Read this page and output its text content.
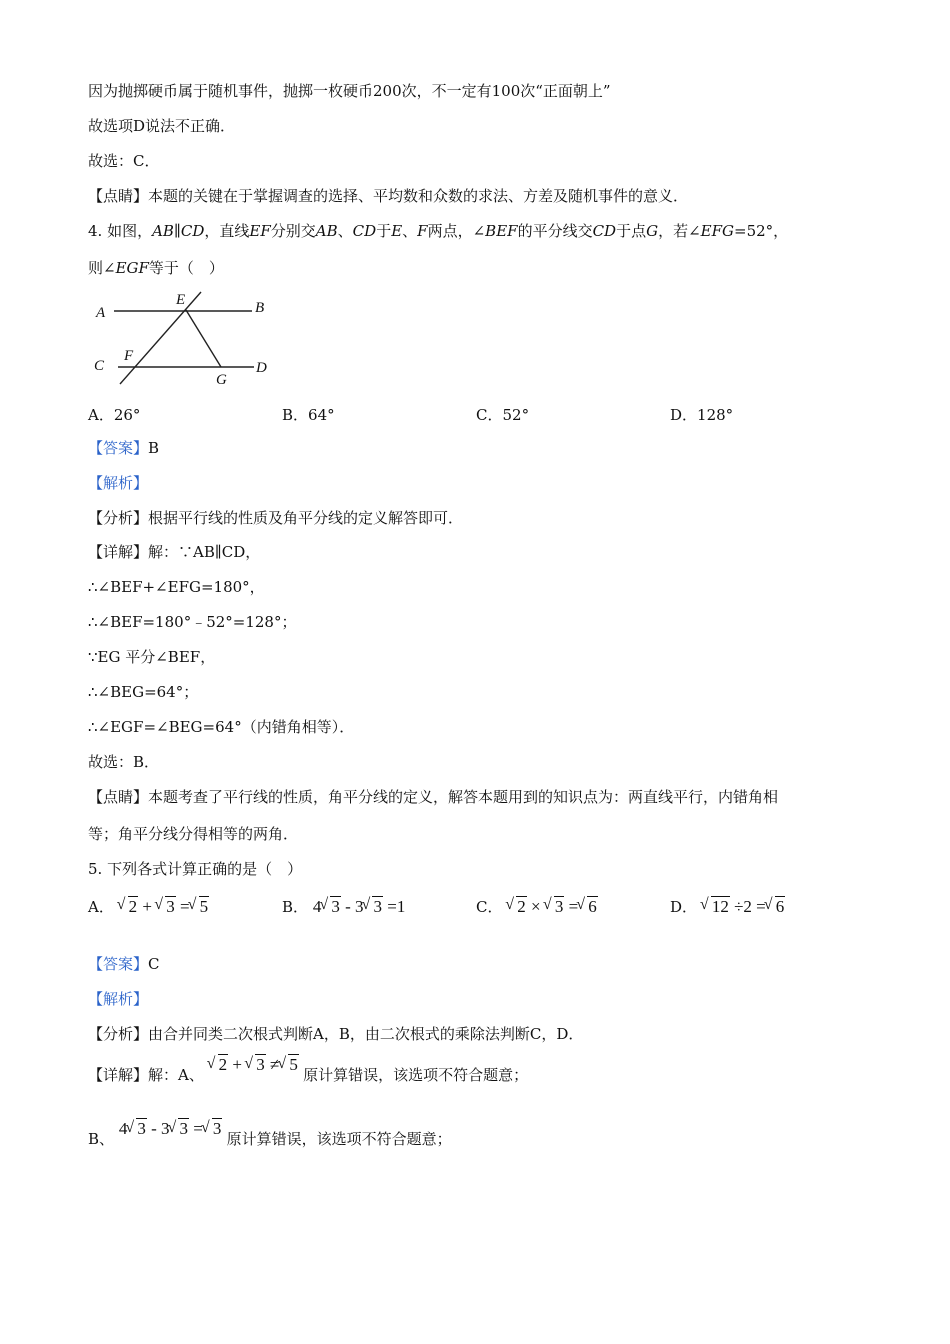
因为抛掷硬币属于随机事件，抛掷一枚硬币200次，不一定有100次“正面朝上”
故选项D说法不正确．
故选：C．
【点睛】本题的关键在于掌握调查的选择、平均数和众数的求法、方差及随机事件的意义．
4. 如图，AB∥CD，直线EF分别交AB、CD于E、F两点，∠BEF的平分线交CD于点G，若∠EFG=52°，
则∠EGF等于（　）
A	B
C	D
E
F
G
A．26°	B．64°	C．52°	D．128°
【答案】B
【解析】
【分析】根据平行线的性质及角平分线的定义解答即可．
【详解】解：∵AB∥CD，
∴∠BEF+∠EFG=180°，
∴∠BEF=180°﹣52°=128°；
∵EG 平分∠BEF，
∴∠BEG=64°；
∴∠EGF=∠BEG=64°（内错角相等）．
故选：B．
【点睛】本题考查了平行线的性质，角平分线的定义，解答本题用到的知识点为：两直线平行，内错角相
等；角平分线分得相等的两角．
5. 下列各式计算正确的是（　）
A． √ 2 + √ 3 = √ 5	B． 4 √ 3 - 3 √ 3 =1	C． √ 2 × √ 3 = √ 6	D． √ 12 ÷2 = √ 6
【答案】C
【解析】
【分析】由合并同类二次根式判断A，B，由二次根式的乘除法判断C，D．
【详解】解：A、 √ 2 + √ 3 ≠ √ 5 原计算错误，该选项不符合题意；
B、 4 √ 3 - 3 √ 3 = √ 3 原计算错误，该选项不符合题意；
